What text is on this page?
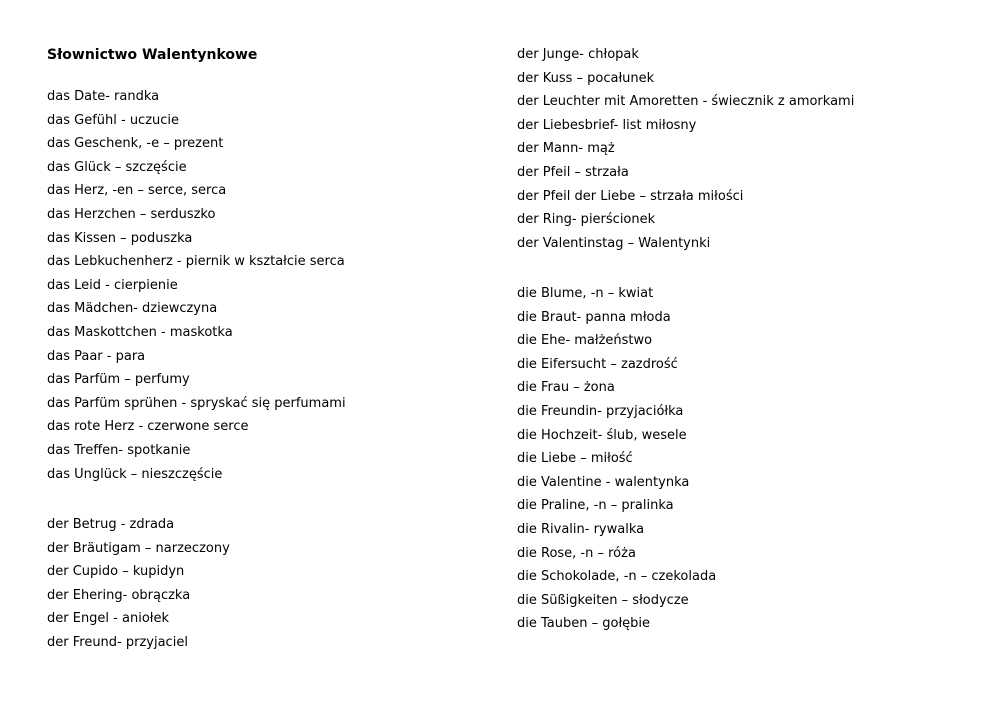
Słownictwo Walentynkowe
das Date- randka
das Gefühl - uczucie
das Geschenk, -e – prezent
das Glück – szczęście
das Herz, -en – serce, serca
das Herzchen – serduszko
das Kissen – poduszka
das Lebkuchenherz - piernik w kształcie serca
das Leid - cierpienie
das Mädchen- dziewczyna
das Maskottchen - maskotka
das Paar - para
das Parfüm – perfumy
das Parfüm sprühen - spryskać się perfumami
das rote Herz - czerwone serce
das Treffen- spotkanie
das Unglück – nieszczęście
der Betrug - zdrada
der Bräutigam – narzeczony
der Cupido – kupidyn
der Ehering- obrączka
der Engel - aniołek
der Freund- przyjaciel
der Junge- chłopak
der Kuss – pocałunek
der Leuchter mit Amoretten - świecznik z amorkami
der Liebesbrief- list miłosny
der Mann- mąż
der Pfeil – strzała
der Pfeil der Liebe – strzała miłości
der Ring- pierścionek
der Valentinstag – Walentynki
die Blume, -n – kwiat
die Braut- panna młoda
die Ehe- małżeństwo
die Eifersucht – zazdrość
die Frau – żona
die Freundin- przyjaciółka
die Hochzeit- ślub, wesele
die Liebe – miłość
die Valentine - walentynka
die Praline, -n – pralinka
die Rivalin- rywalka
die Rose, -n – róża
die Schokolade, -n – czekolada
die Süßigkeiten – słodycze
die Tauben – gołębie
